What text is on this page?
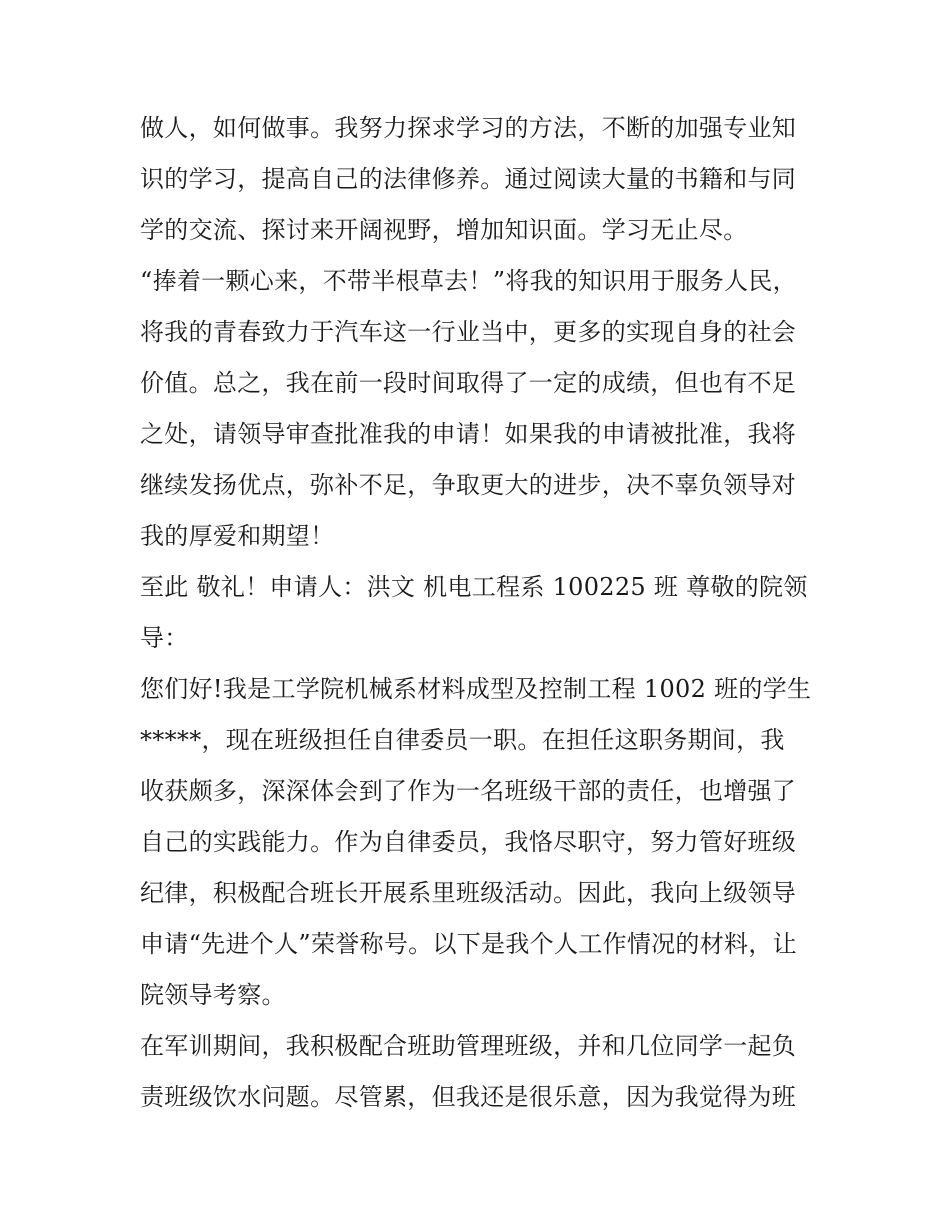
做人，如何做事。我努力探求学习的方法，不断的加强专业知
识的学习，提高自己的法律修养。通过阅读大量的书籍和与同
学的交流、探讨来开阔视野，增加知识面。学习无止尽。
“捧着一颗心来，不带半根草去！”将我的知识用于服务人民，
将我的青春致力于汽车这一行业当中，更多的实现自身的社会
价值。总之，我在前一段时间取得了一定的成绩，但也有不足
之处，请领导审查批准我的申请！如果我的申请被批准，我将
继续发扬优点，弥补不足，争取更大的进步，决不辜负领导对
我的厚爱和期望！
至此 敬礼！申请人：洪文 机电工程系 100225 班 尊敬的院领
导：
您们好!我是工学院机械系材料成型及控制工程 1002 班的学生
*****，现在班级担任自律委员一职。在担任这职务期间，我
收获颇多，深深体会到了作为一名班级干部的责任，也增强了
自己的实践能力。作为自律委员，我恪尽职守，努力管好班级
纪律，积极配合班长开展系里班级活动。因此，我向上级领导
申请“先进个人”荣誉称号。以下是我个人工作情况的材料，让
院领导考察。
在军训期间，我积极配合班助管理班级，并和几位同学一起负
责班级饮水问题。尽管累，但我还是很乐意，因为我觉得为班
